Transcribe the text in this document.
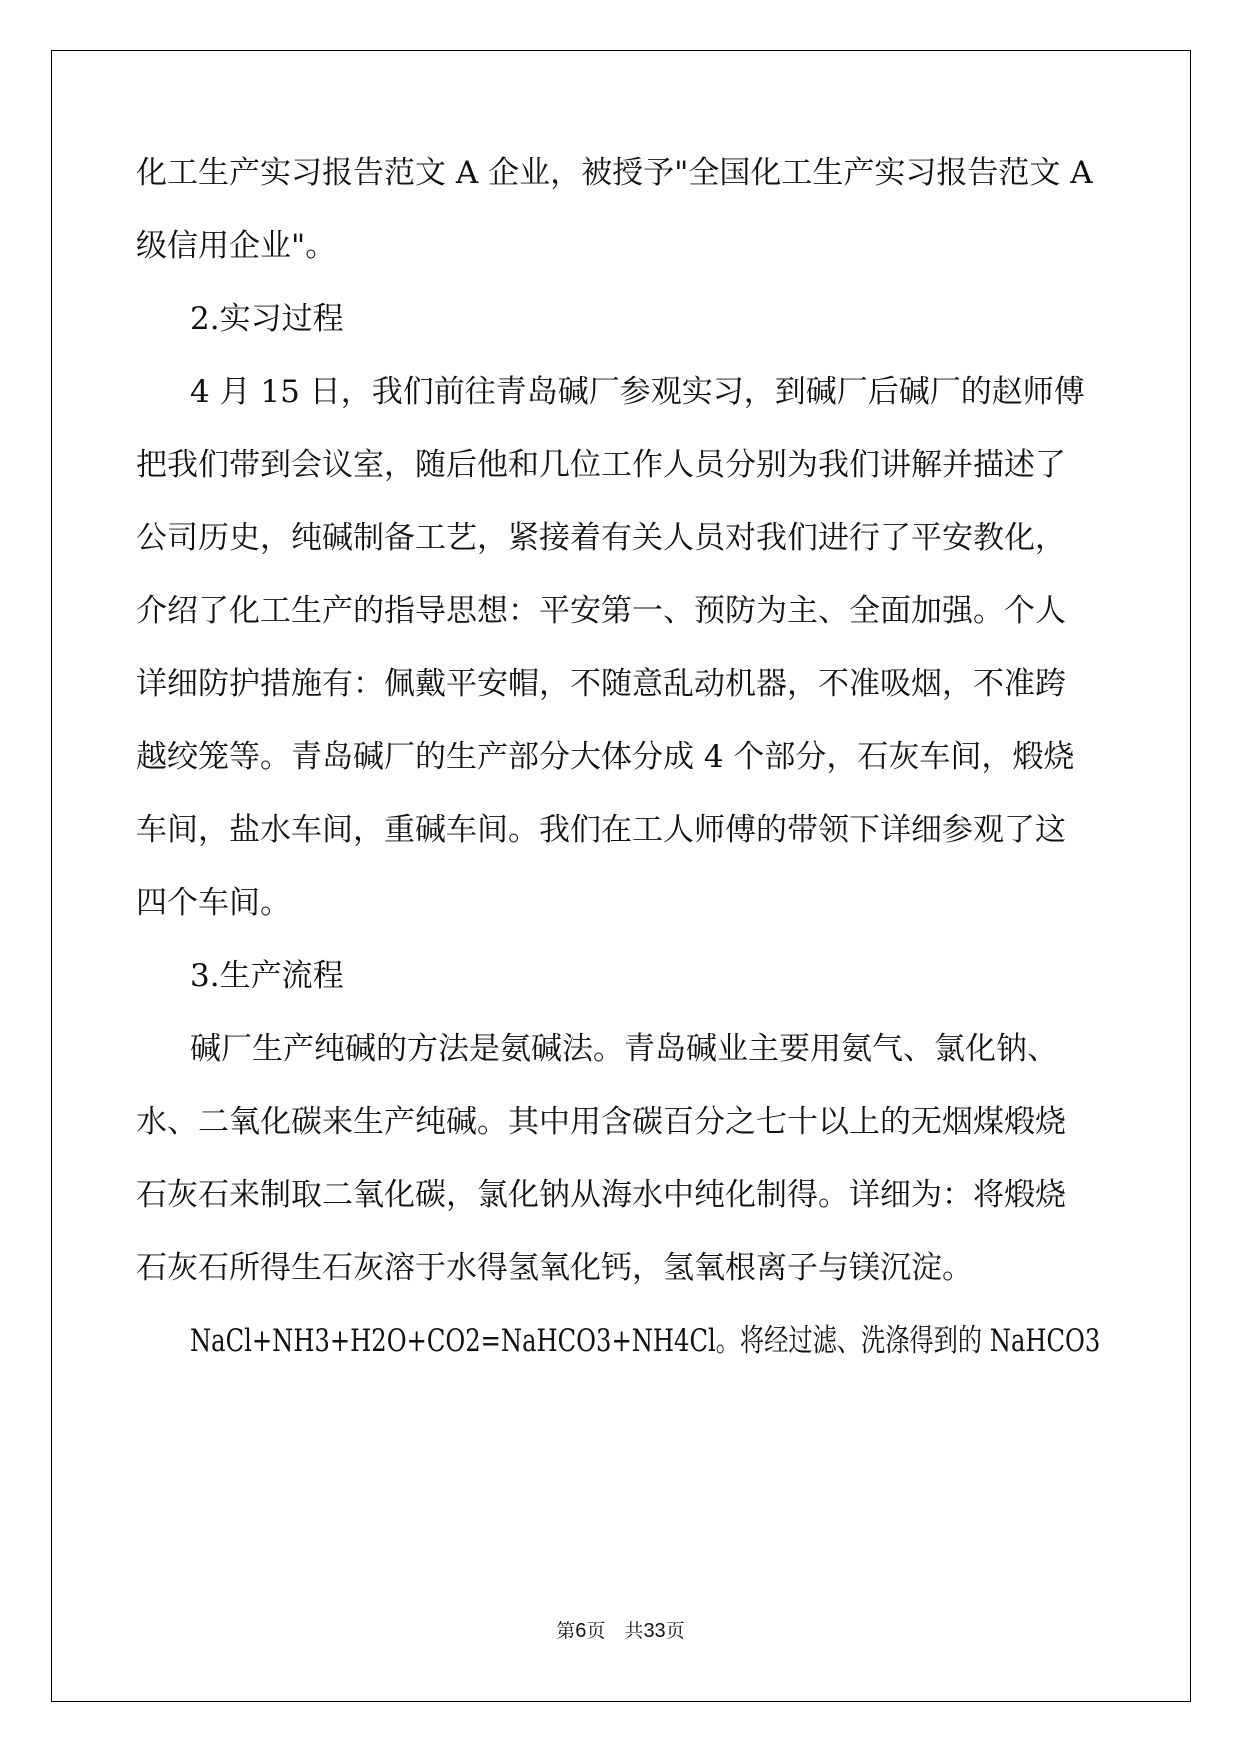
化工生产实习报告范文 A 企业，被授予"全国化工生产实习报告范文 A
级信用企业"。
2.实习过程
4 月 15 日，我们前往青岛碱厂参观实习，到碱厂后碱厂的赵师傅
把我们带到会议室，随后他和几位工作人员分别为我们讲解并描述了
公司历史，纯碱制备工艺，紧接着有关人员对我们进行了平安教化，
介绍了化工生产的指导思想：平安第一、预防为主、全面加强。个人
详细防护措施有：佩戴平安帽，不随意乱动机器，不准吸烟，不准跨
越绞笼等。青岛碱厂的生产部分大体分成 4 个部分，石灰车间，煅烧
车间，盐水车间，重碱车间。我们在工人师傅的带领下详细参观了这
四个车间。
3.生产流程
碱厂生产纯碱的方法是氨碱法。青岛碱业主要用氨气、氯化钠、
水、二氧化碳来生产纯碱。其中用含碳百分之七十以上的无烟煤煅烧
石灰石来制取二氧化碳，氯化钠从海水中纯化制得。详细为：将煅烧
石灰石所得生石灰溶于水得氢氧化钙，氢氧根离子与镁沉淀。
NaCl+NH3+H2O+CO2=NaHCO3+NH4Cl。将经过滤、洗涤得到的 NaHCO3
第6页　共33页
